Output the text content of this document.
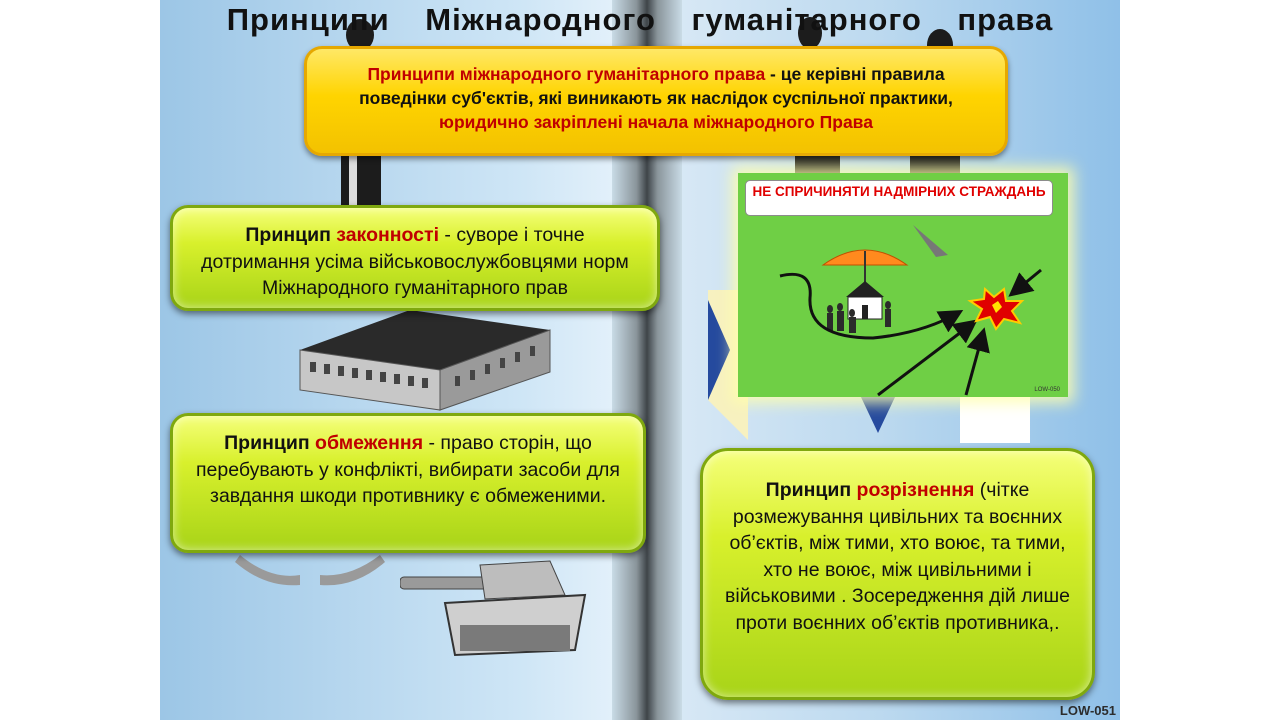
Принципи Міжнародного гуманітарного права
Принципи міжнародного гуманітарного права - це керівні правила поведінки суб'єктів, які виникають як наслідок суспільної практики, юридично закріплені начала міжнародного Права
Принцип законності - суворе і точне дотримання усіма військовослужбовцями норм Міжнародного гуманітарного прав
Принцип обмеження - право сторін, що перебувають у конфлікті, вибирати засоби для завдання шкоди противнику є обмеженими.	Принцип розрізнення (чітке розмежування цивільних та воєнних об’єктів, між тими, хто воює, та тими, хто не воює, між цивільними і військовими . Зосередження дій лише проти воєнних об’єктів противника,.
НЕ СПРИЧИНЯТИ НАДМІРНИХ СТРАЖДАНЬ
LOW-050
LOW-051
